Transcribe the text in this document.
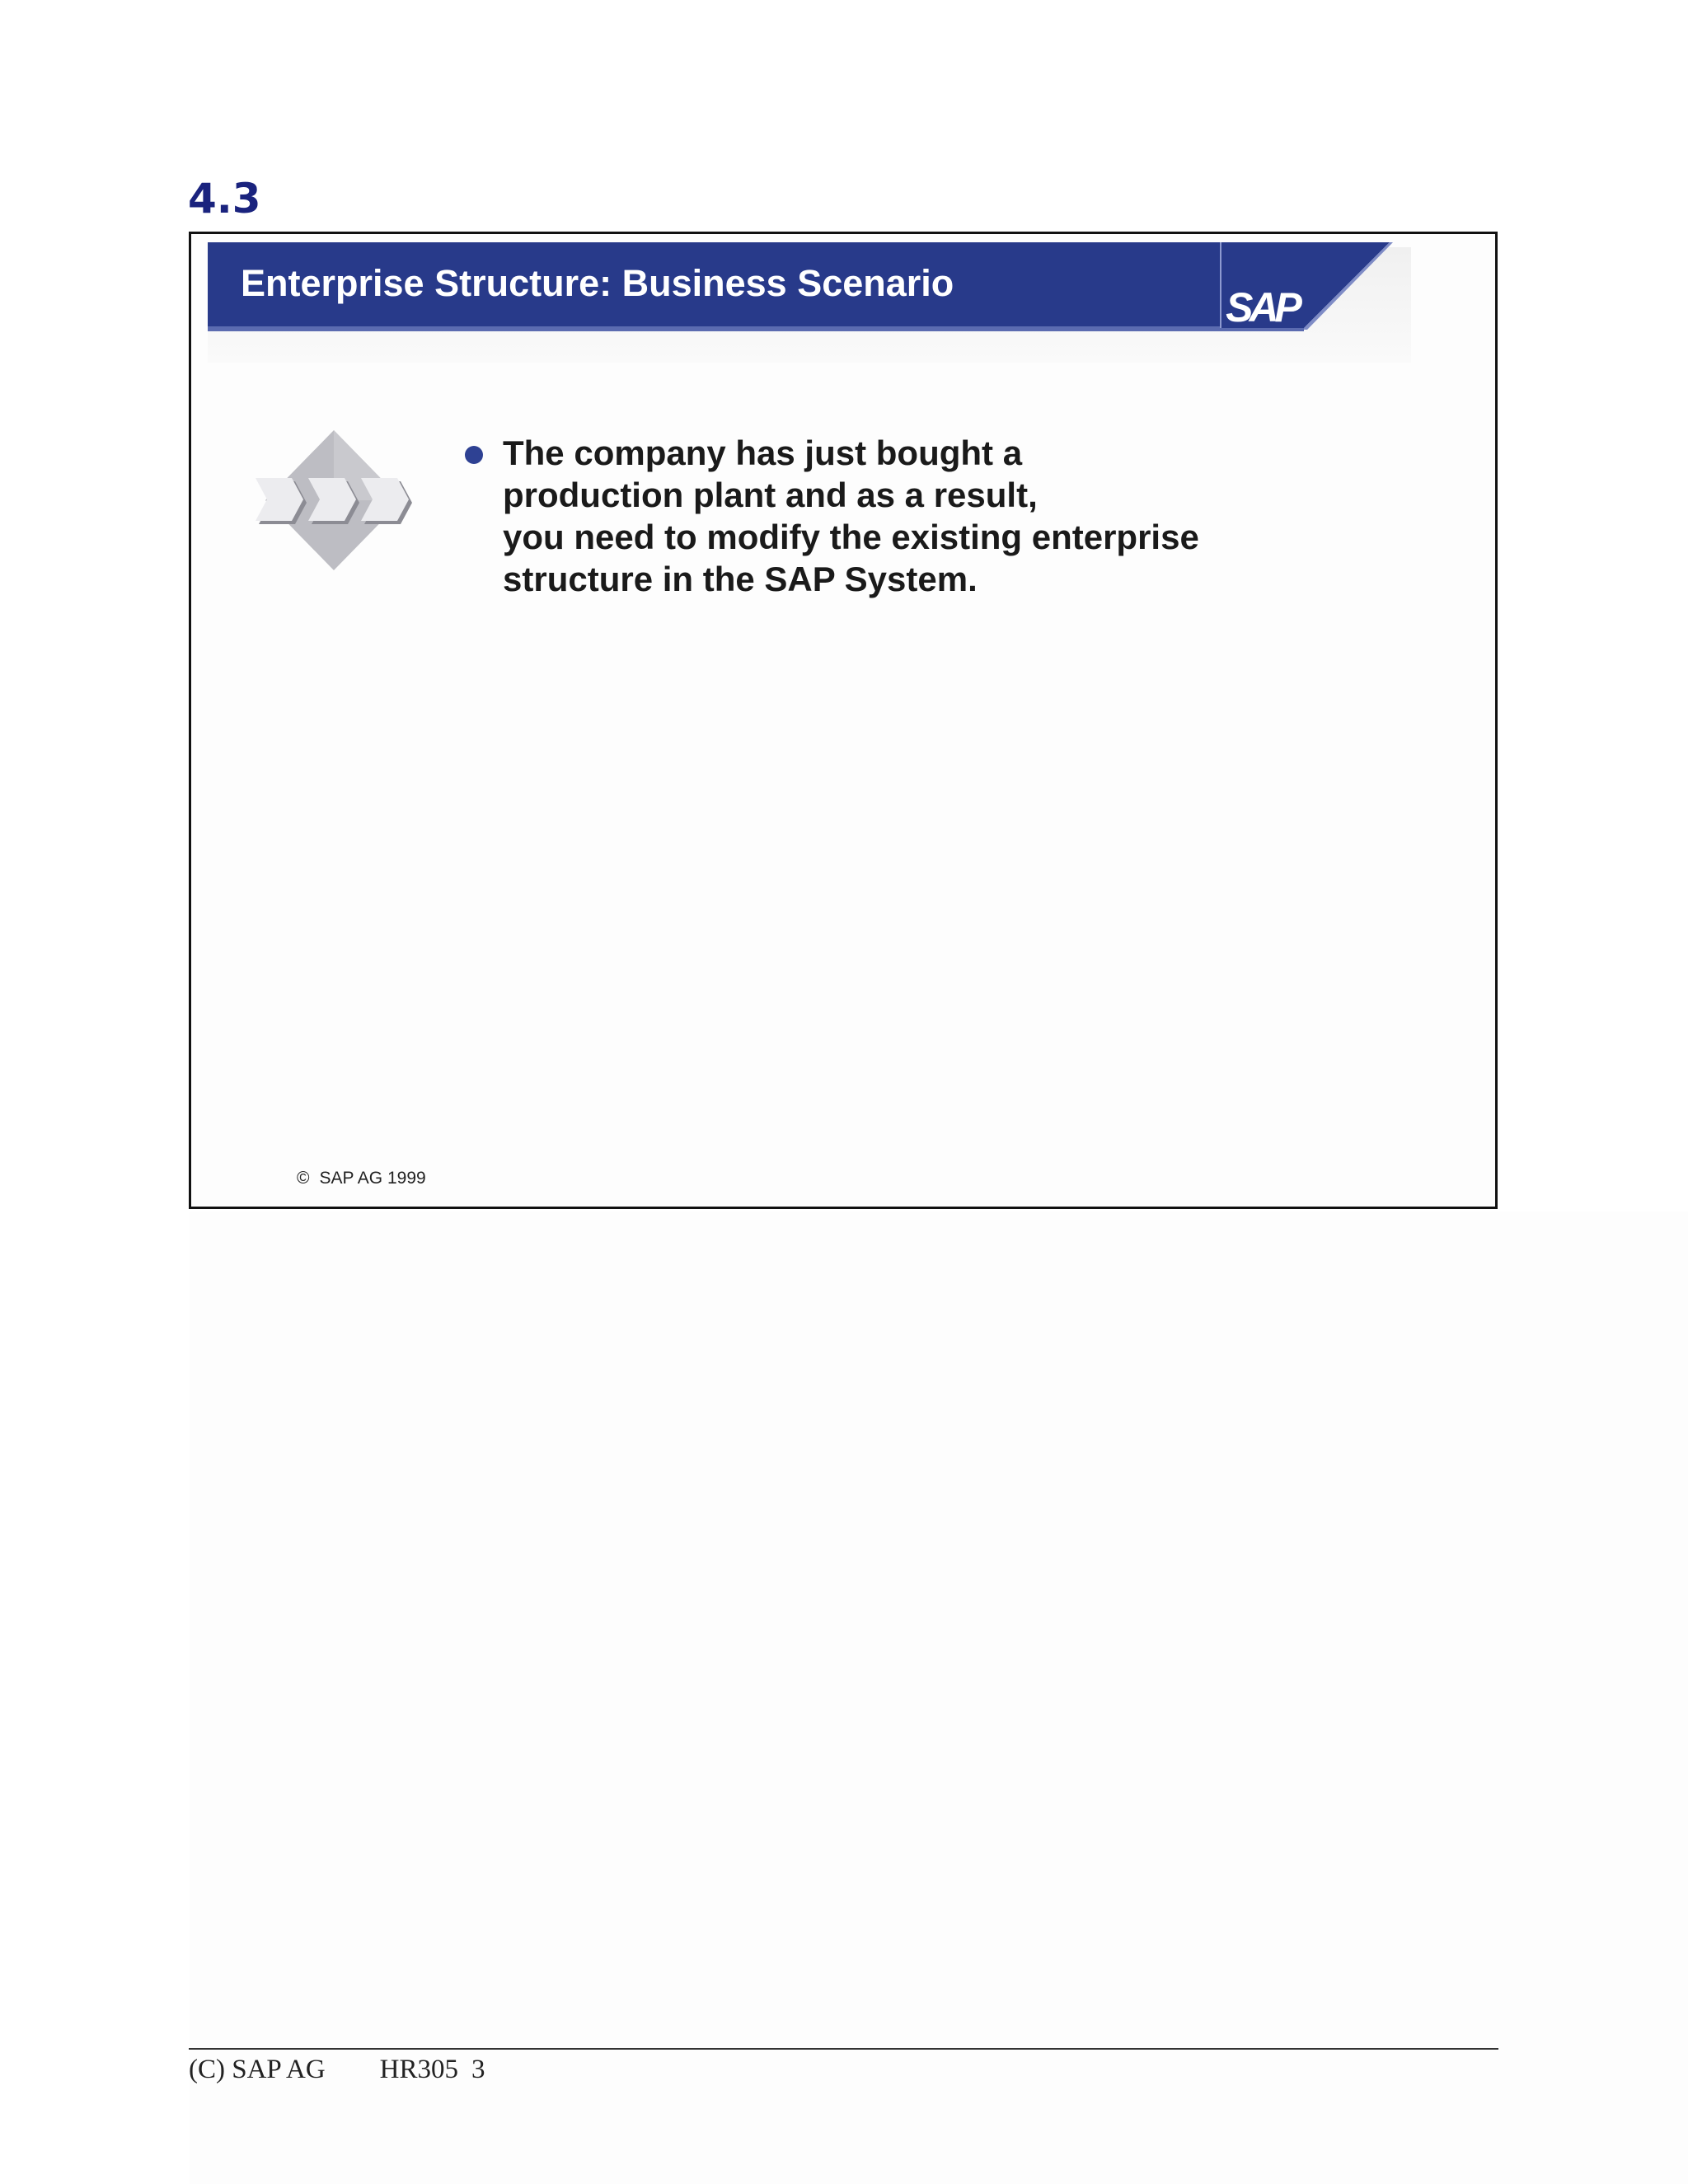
4.3
Enterprise Structure: Business Scenario
SAP
The company has just bought a
production plant and as a result,
you need to modify the existing enterprise
structure in the SAP System.
© SAP AG 1999
(C) SAP AG HR305 3
